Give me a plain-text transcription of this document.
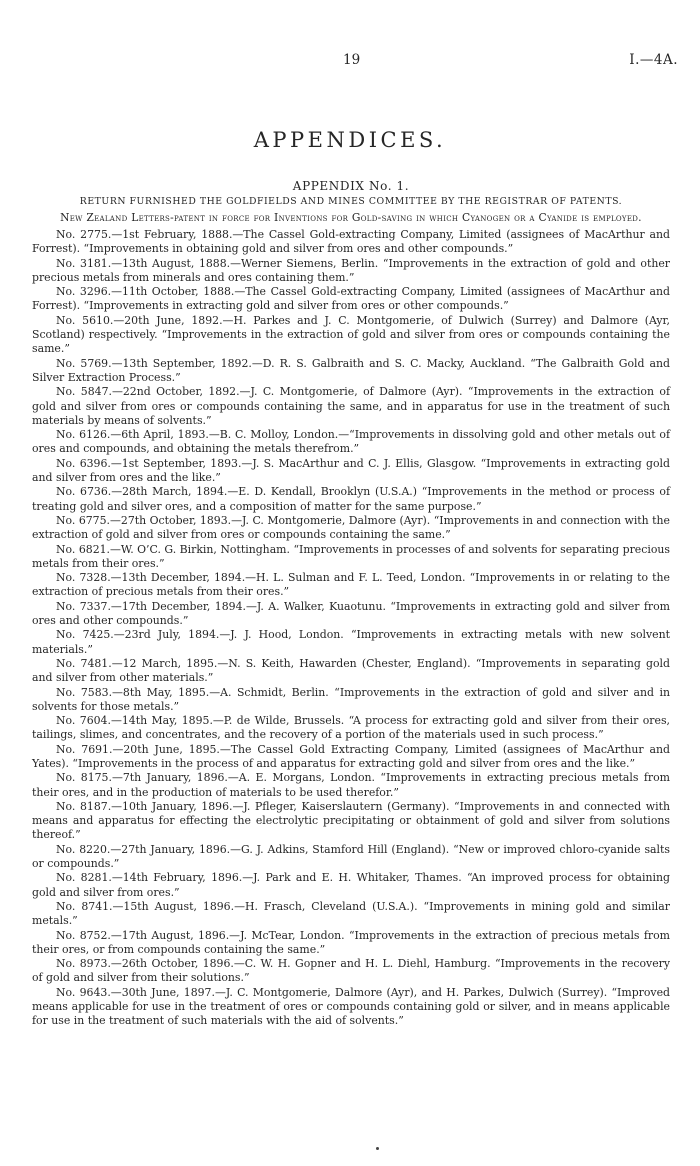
19	I.—4A.
APPENDICES.
APPENDIX No. 1.
RETURN FURNISHED THE GOLDFIELDS AND MINES COMMITTEE BY THE REGISTRAR OF PATENTS.
New Zealand Letters-patent in force for Inventions for Gold-saving in which Cyanogen or a Cyanide is employed.

No. 2775.—1st February, 1888.—The Cassel Gold-extracting Company, Limited (assignees of MacArthur and Forrest). “Improvements in obtaining gold and silver from ores and other compounds.”

No. 3181.—13th August, 1888.—Werner Siemens, Berlin. “Improvements in the extraction of gold and other precious metals from minerals and ores containing them.”

No. 3296.—11th October, 1888.—The Cassel Gold-extracting Company, Limited (assignees of MacArthur and Forrest). “Improvements in extracting gold and silver from ores or other compounds.”

No. 5610.—20th June, 1892.—H. Parkes and J. C. Montgomerie, of Dulwich (Surrey) and Dalmore (Ayr, Scotland) respectively. “Improvements in the extraction of gold and silver from ores or compounds containing the same.”

No. 5769.—13th September, 1892.—D. R. S. Galbraith and S. C. Macky, Auckland. “The Galbraith Gold and Silver Extraction Process.”

No. 5847.—22nd October, 1892.—J. C. Montgomerie, of Dalmore (Ayr). “Improvements in the extraction of gold and silver from ores or compounds containing the same, and in apparatus for use in the treatment of such materials by means of solvents.”

No. 6126.—6th April, 1893.—B. C. Molloy, London.—“Improvements in dissolving gold and other metals out of ores and compounds, and obtaining the metals therefrom.”

No. 6396.—1st September, 1893.—J. S. MacArthur and C. J. Ellis, Glasgow. “Improvements in extracting gold and silver from ores and the like.”

No. 6736.—28th March, 1894.—E. D. Kendall, Brooklyn (U.S.A.) “Improvements in the method or process of treating gold and silver ores, and a composition of matter for the same purpose.”

No. 6775.—27th October, 1893.—J. C. Montgomerie, Dalmore (Ayr). “Improvements in and connection with the extraction of gold and silver from ores or compounds containing the same.”

No. 6821.—W. O’C. G. Birkin, Nottingham. “Improvements in processes of and solvents for separating precious metals from their ores.”

No. 7328.—13th December, 1894.—H. L. Sulman and F. L. Teed, London. “Improvements in or relating to the extraction of precious metals from their ores.”

No. 7337.—17th December, 1894.—J. A. Walker, Kuaotunu. “Improvements in extracting gold and silver from ores and other compounds.”

No. 7425.—23rd July, 1894.—J. J. Hood, London. “Improvements in extracting metals with new solvent materials.”

No. 7481.—12 March, 1895.—N. S. Keith, Hawarden (Chester, England). “Improvements in separating gold and silver from other materials.”

No. 7583.—8th May, 1895.—A. Schmidt, Berlin. “Improvements in the extraction of gold and silver and in solvents for those metals.”

No. 7604.—14th May, 1895.—P. de Wilde, Brussels. “A process for extracting gold and silver from their ores, tailings, slimes, and concentrates, and the recovery of a portion of the materials used in such process.”

No. 7691.—20th June, 1895.—The Cassel Gold Extracting Company, Limited (assignees of MacArthur and Yates). “Improvements in the process of and apparatus for extracting gold and silver from ores and the like.”

No. 8175.—7th January, 1896.—A. E. Morgans, London. “Improvements in extracting precious metals from their ores, and in the production of materials to be used therefor.”

No. 8187.—10th January, 1896.—J. Pfleger, Kaiserslautern (Germany). “Improvements in and connected with means and apparatus for effecting the electrolytic precipitating or obtainment of gold and silver from solutions thereof.”

No. 8220.—27th January, 1896.—G. J. Adkins, Stamford Hill (England). “New or improved chloro-cyanide salts or compounds.”

No. 8281.—14th February, 1896.—J. Park and E. H. Whitaker, Thames. “An improved process for obtaining gold and silver from ores.”

No. 8741.—15th August, 1896.—H. Frasch, Cleveland (U.S.A.). “Improvements in mining gold and similar metals.”

No. 8752.—17th August, 1896.—J. McTear, London. “Improvements in the extraction of precious metals from their ores, or from compounds containing the same.”

No. 8973.—26th October, 1896.—C. W. H. Gopner and H. L. Diehl, Hamburg. “Improvements in the recovery of gold and silver from their solutions.”

No. 9643.—30th June, 1897.—J. C. Montgomerie, Dalmore (Ayr), and H. Parkes, Dulwich (Surrey). “Improved means applicable for use in the treatment of ores or compounds containing gold or silver, and in means applicable for use in the treatment of such materials with the aid of solvents.”
